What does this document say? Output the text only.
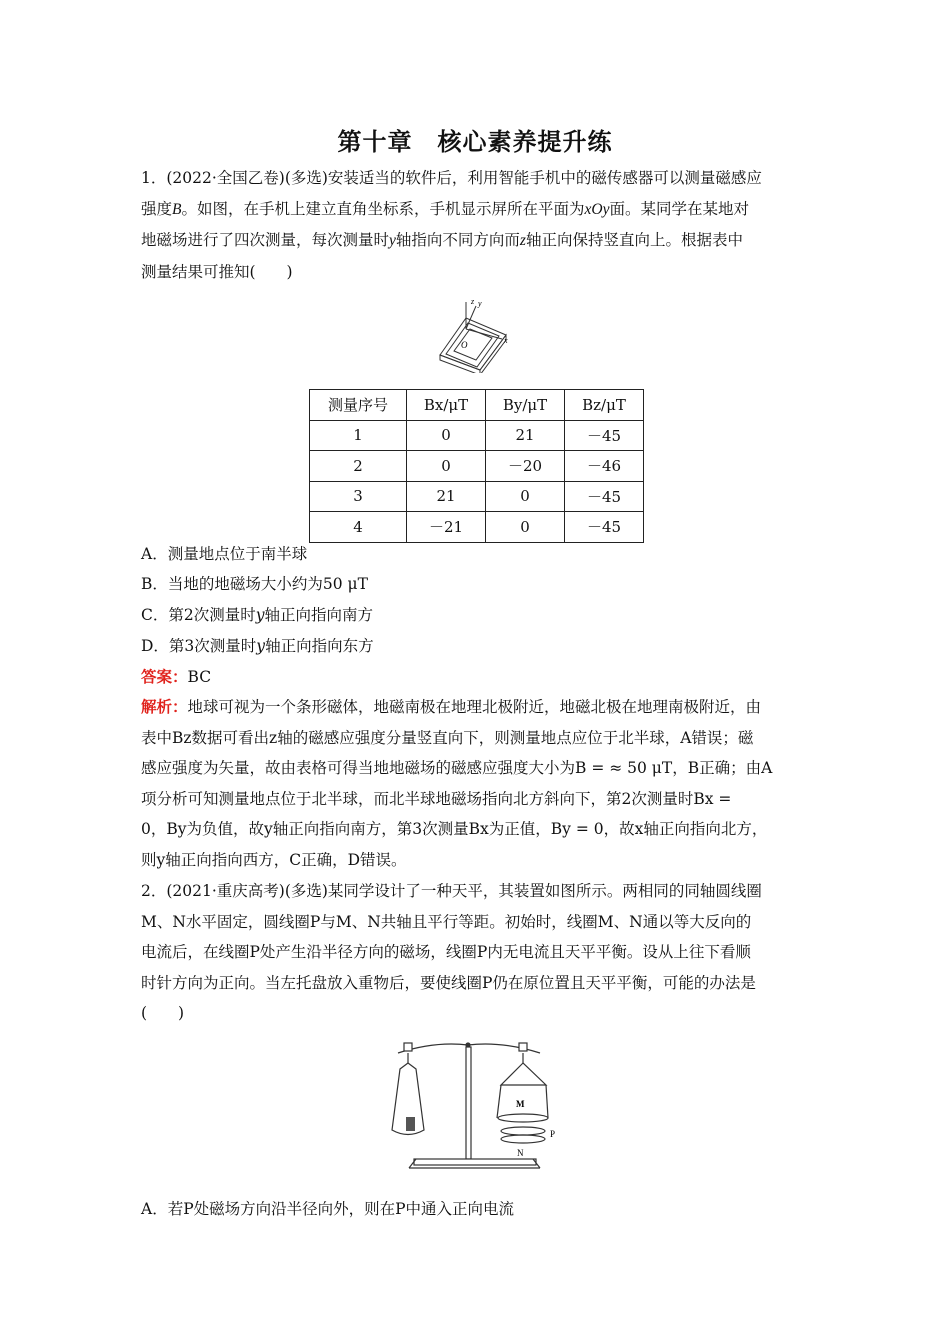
第十章　核心素养提升练
1．(2022·全国乙卷)(多选)安装适当的软件后，利用智能手机中的磁传感器可以测量磁感应
强度B。如图，在手机上建立直角坐标系，手机显示屏所在平面为xOy面。某同学在某地对
地磁场进行了四次测量，每次测量时y轴指向不同方向而z轴正向保持竖直向上。根据表中
测量结果可推知(　　)
z y
x
O
测量序号	Bx/μT	By/μT	Bz/μT
1	0	21	－45
2	0	－20	－46
3	21	0	－45
4	－21	0	－45
A．测量地点位于南半球
B．当地的地磁场大小约为50 μT
C．第2次测量时y轴正向指向南方
D．第3次测量时y轴正向指向东方
答案：BC
解析：地球可视为一个条形磁体，地磁南极在地理北极附近，地磁北极在地理南极附近，由
表中Bz数据可看出z轴的磁感应强度分量竖直向下，则测量地点应位于北半球，A错误；磁
感应强度为矢量，故由表格可得当地地磁场的磁感应强度大小为B = ≈ 50 μT，B正确；由A
项分析可知测量地点位于北半球，而北半球地磁场指向北方斜向下，第2次测量时Bx =
0，By为负值，故y轴正向指向南方，第3次测量Bx为正值，By = 0，故x轴正向指向北方，
则y轴正向指向西方，C正确，D错误。
2．(2021·重庆高考)(多选)某同学设计了一种天平，其装置如图所示。两相同的同轴圆线圈
M、N水平固定，圆线圈P与M、N共轴且平行等距。初始时，线圈M、N通以等大反向的
电流后，在线圈P处产生沿半径方向的磁场，线圈P内无电流且天平平衡。设从上往下看顺
时针方向为正向。当左托盘放入重物后，要使线圈P仍在原位置且天平平衡，可能的办法是
(　　)
M
P
N
A．若P处磁场方向沿半径向外，则在P中通入正向电流
